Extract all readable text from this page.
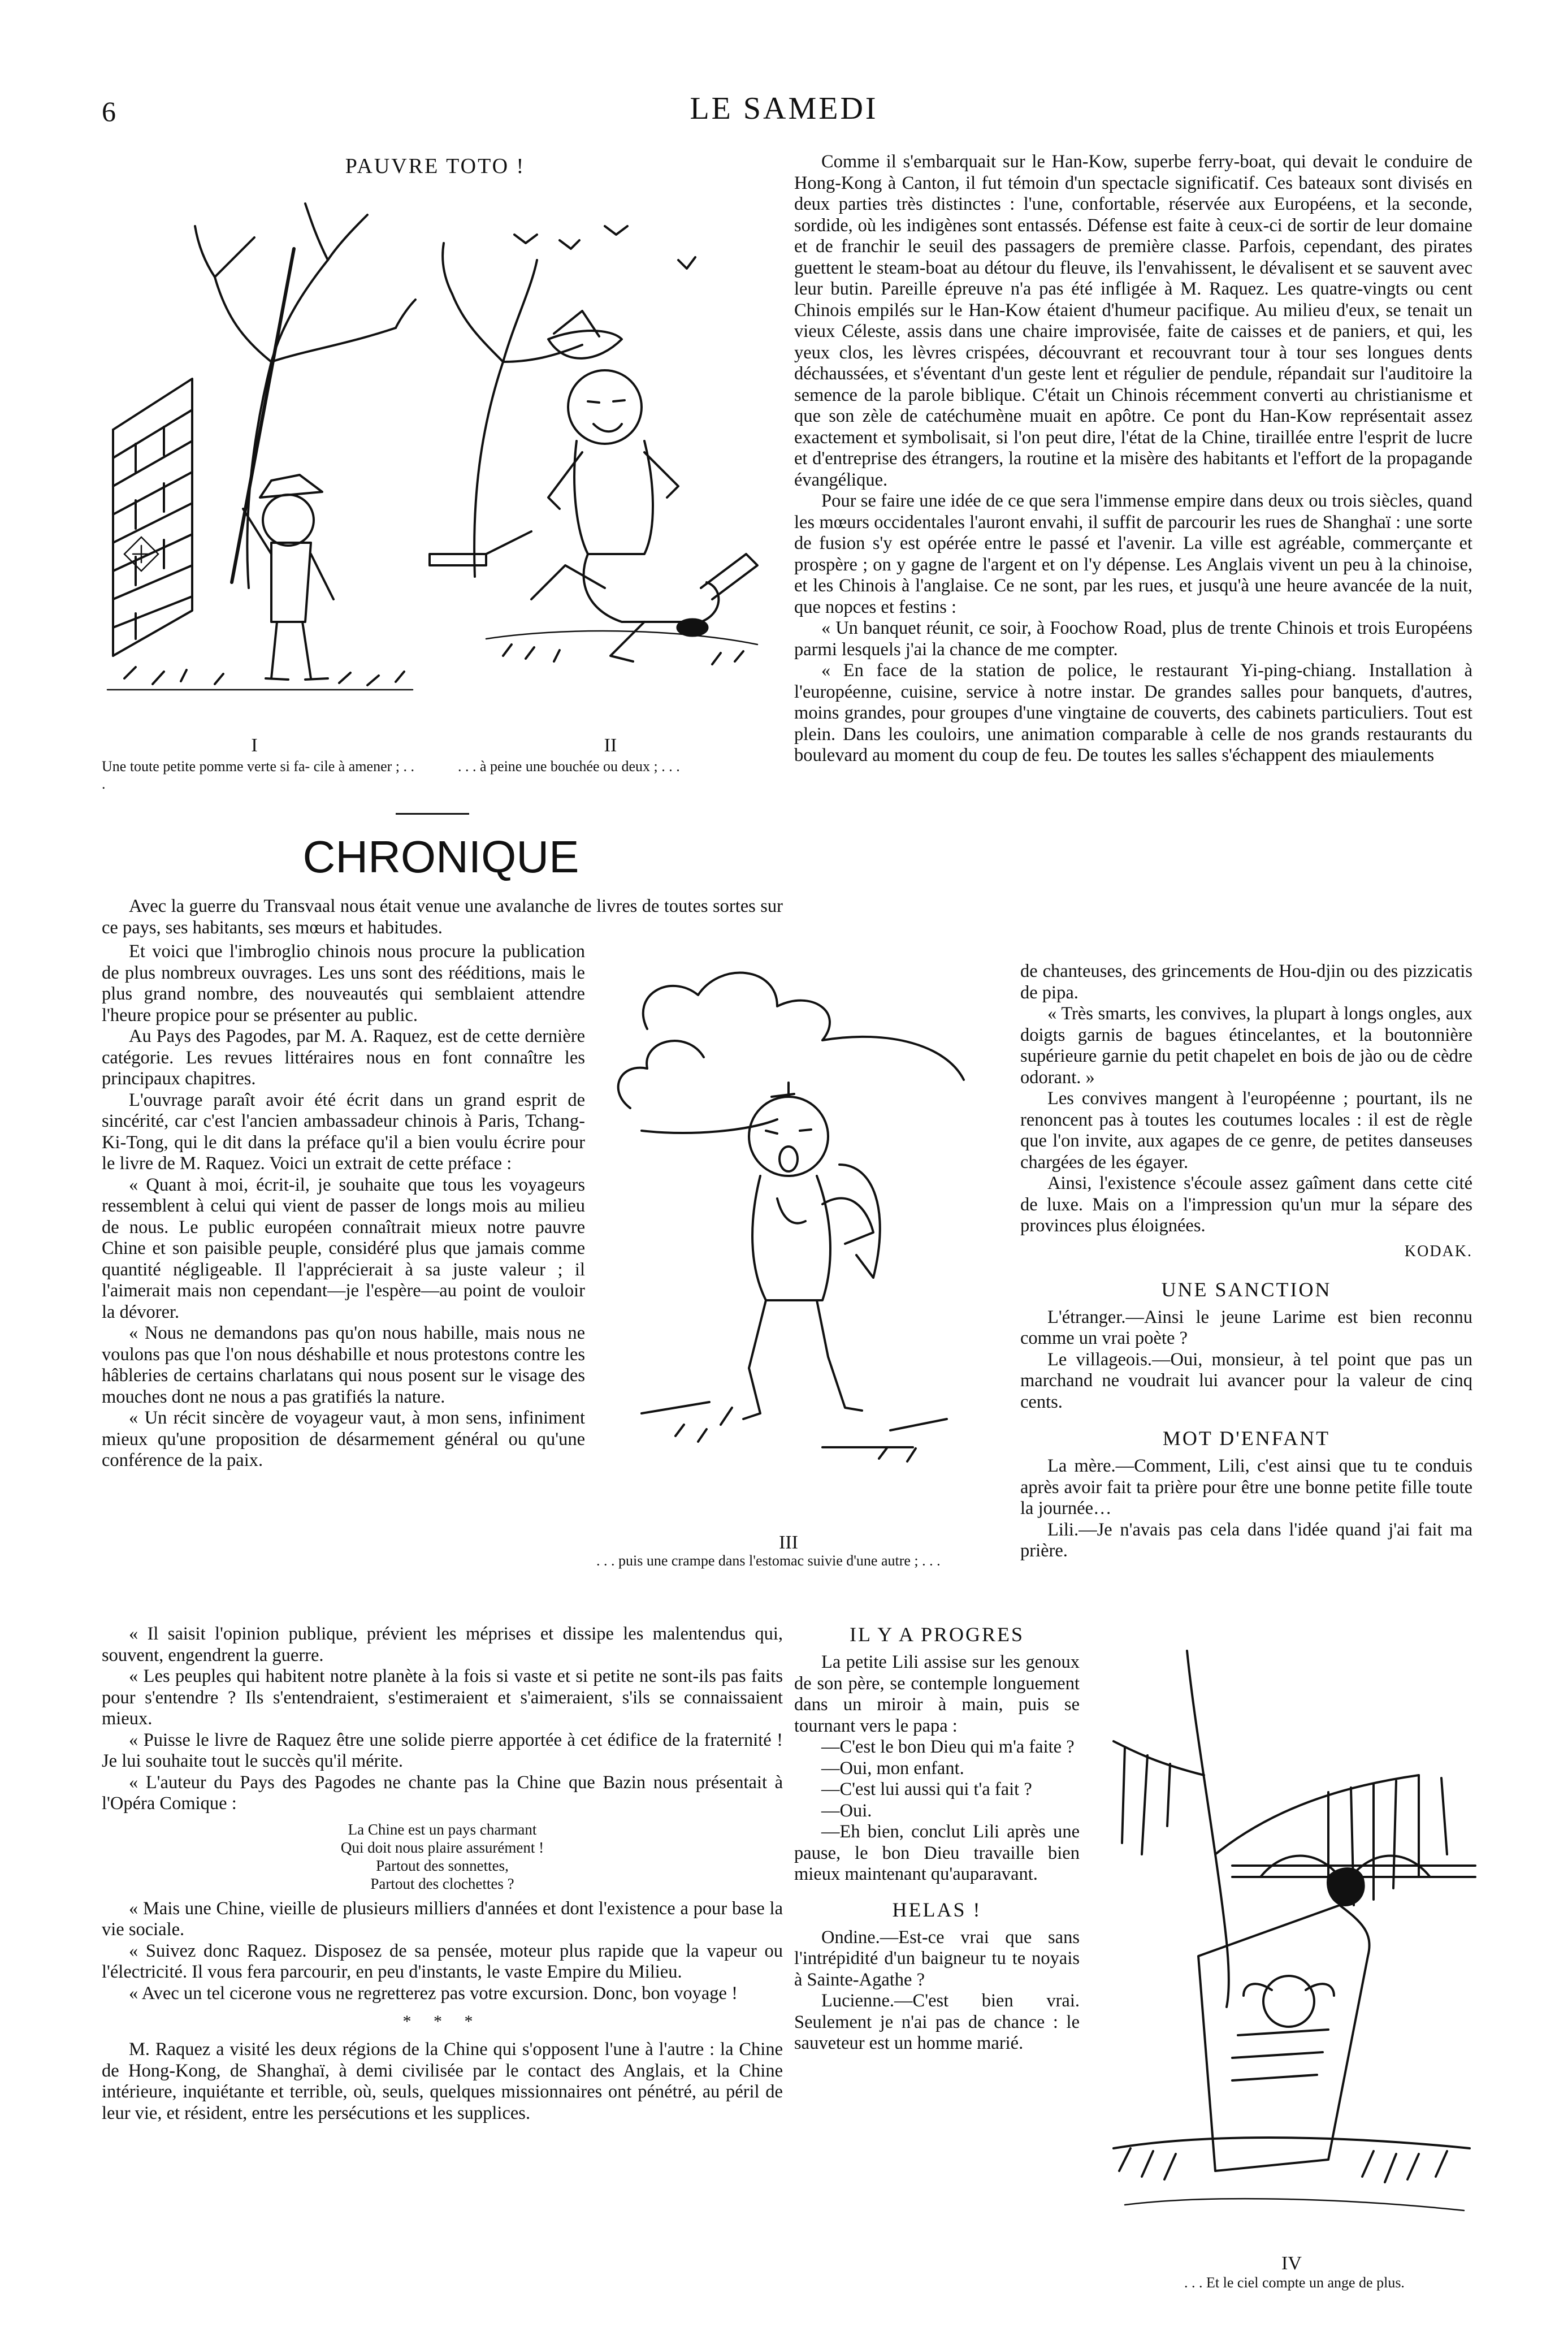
6	LE SAMEDI
PAUVRE TOTO !
I
Une toute petite pomme verte si fa- cile à amener ; . . .
II
. . . à peine une bouchée ou deux ; . . .
CHRONIQUE

Avec la guerre du Transvaal nous était venue une avalanche de livres de toutes sortes sur ce pays, ses habitants, ses mœurs et habitudes.

Et voici que l'imbroglio chinois nous procure la publication de plus nombreux ouvrages. Les uns sont des rééditions, mais le plus grand nombre, des nouveautés qui semblaient attendre l'heure propice pour se présenter au public.

Au Pays des Pagodes, par M. A. Raquez, est de cette dernière catégorie. Les revues littéraires nous en font connaître les principaux chapitres.

L'ouvrage paraît avoir été écrit dans un grand esprit de sincérité, car c'est l'ancien ambassadeur chinois à Paris, Tchang-Ki-Tong, qui le dit dans la préface qu'il a bien voulu écrire pour le livre de M. Raquez. Voici un extrait de cette préface :

« Quant à moi, écrit-il, je souhaite que tous les voyageurs ressemblent à celui qui vient de passer de longs mois au milieu de nous. Le public européen connaîtrait mieux notre pauvre Chine et son paisible peuple, considéré plus que jamais comme quantité négligeable. Il l'apprécierait à sa juste valeur ; il l'aimerait mais non cependant—je l'espère—au point de vouloir la dévorer.

« Nous ne demandons pas qu'on nous habille, mais nous ne voulons pas que l'on nous déshabille et nous protestons contre les hâbleries de certains charlatans qui nous posent sur le visage des mouches dont ne nous a pas gratifiés la nature.

« Un récit sincère de voyageur vaut, à mon sens, infiniment mieux qu'une proposition de désarmement général ou qu'une conférence de la paix.

III
. . . puis une crampe dans l'estomac suivie d'une autre ; . . .

« Il saisit l'opinion publique, prévient les méprises et dissipe les malentendus qui, souvent, engendrent la guerre.

« Les peuples qui habitent notre planète à la fois si vaste et si petite ne sont-ils pas faits pour s'entendre ? Ils s'entendraient, s'estimeraient et s'aimeraient, s'ils se connaissaient mieux.

« Puisse le livre de Raquez être une solide pierre apportée à cet édifice de la fraternité ! Je lui souhaite tout le succès qu'il mérite.

« L'auteur du Pays des Pagodes ne chante pas la Chine que Bazin nous présentait à l'Opéra Comique :

La Chine est un pays charmant
Qui doit nous plaire assurément !
Partout des sonnettes,
Partout des clochettes ?

« Mais une Chine, vieille de plusieurs milliers d'années et dont l'existence a pour base la vie sociale.

« Suivez donc Raquez. Disposez de sa pensée, moteur plus rapide que la vapeur ou l'électricité. Il vous fera parcourir, en peu d'instants, le vaste Empire du Milieu.

« Avec un tel cicerone vous ne regretterez pas votre excursion. Donc, bon voyage !

* * *

M. Raquez a visité les deux régions de la Chine qui s'opposent l'une à l'autre : la Chine de Hong-Kong, de Shanghaï, à demi civilisée par le contact des Anglais, et la Chine intérieure, inquiétante et terrible, où, seuls, quelques missionnaires ont pénétré, au péril de leur vie, et résident, entre les persécutions et les supplices.

Comme il s'embarquait sur le Han-Kow, superbe ferry-boat, qui devait le conduire de Hong-Kong à Canton, il fut témoin d'un spectacle significatif. Ces bateaux sont divisés en deux parties très distinctes : l'une, confortable, réservée aux Européens, et la seconde, sordide, où les indigènes sont entassés. Défense est faite à ceux-ci de sortir de leur domaine et de franchir le seuil des passagers de première classe. Parfois, cependant, des pirates guettent le steam-boat au détour du fleuve, ils l'envahissent, le dévalisent et se sauvent avec leur butin. Pareille épreuve n'a pas été infligée à M. Raquez. Les quatre-vingts ou cent Chinois empilés sur le Han-Kow étaient d'humeur pacifique. Au milieu d'eux, se tenait un vieux Céleste, assis dans une chaire improvisée, faite de caisses et de paniers, et qui, les yeux clos, les lèvres crispées, découvrant et recouvrant tour à tour ses longues dents déchaussées, et s'éventant d'un geste lent et régulier de pendule, répandait sur l'auditoire la semence de la parole biblique. C'était un Chinois récemment converti au christianisme et que son zèle de catéchumène muait en apôtre. Ce pont du Han-Kow représentait assez exactement et symbolisait, si l'on peut dire, l'état de la Chine, tiraillée entre l'esprit de lucre et d'entreprise des étrangers, la routine et la misère des habitants et l'effort de la propagande évangélique.

Pour se faire une idée de ce que sera l'immense empire dans deux ou trois siècles, quand les mœurs occidentales l'auront envahi, il suffit de parcourir les rues de Shanghaï : une sorte de fusion s'y est opérée entre le passé et l'avenir. La ville est agréable, commerçante et prospère ; on y gagne de l'argent et on l'y dépense. Les Anglais vivent un peu à la chinoise, et les Chinois à l'anglaise. Ce ne sont, par les rues, et jusqu'à une heure avancée de la nuit, que nopces et festins :

« Un banquet réunit, ce soir, à Foochow Road, plus de trente Chinois et trois Européens parmi lesquels j'ai la chance de me compter.

« En face de la station de police, le restaurant Yi-ping-chiang. Installation à l'européenne, cuisine, service à notre instar. De grandes salles pour banquets, d'autres, moins grandes, pour groupes d'une vingtaine de couverts, des cabinets particuliers. Tout est plein. Dans les couloirs, une animation comparable à celle de nos grands restaurants du boulevard au moment du coup de feu. De toutes les salles s'échappent des miaulements

de chanteuses, des grincements de Hou-djin ou des pizzicatis de pipa.

« Très smarts, les convives, la plupart à longs ongles, aux doigts garnis de bagues étincelantes, et la boutonnière supérieure garnie du petit chapelet en bois de jào ou de cèdre odorant. »

Les convives mangent à l'européenne ; pourtant, ils ne renoncent pas à toutes les coutumes locales : il est de règle que l'on invite, aux agapes de ce genre, de petites danseuses chargées de les égayer.

Ainsi, l'existence s'écoule assez gaîment dans cette cité de luxe. Mais on a l'impression qu'un mur la sépare des provinces plus éloignées.

KODAK.
UNE SANCTION

L'étranger.—Ainsi le jeune Larime est bien reconnu comme un vrai poète ?

Le villageois.—Oui, monsieur, à tel point que pas un marchand ne voudrait lui avancer pour la valeur de cinq cents.

MOT D'ENFANT

La mère.—Comment, Lili, c'est ainsi que tu te conduis après avoir fait ta prière pour être une bonne petite fille toute la journée…

Lili.—Je n'avais pas cela dans l'idée quand j'ai fait ma prière.

IL Y A PROGRES

La petite Lili assise sur les genoux de son père, se contemple longuement dans un miroir à main, puis se tournant vers le papa :

—C'est le bon Dieu qui m'a faite ?

—Oui, mon enfant.

—C'est lui aussi qui t'a fait ?

—Oui.

—Eh bien, conclut Lili après une pause, le bon Dieu travaille bien mieux maintenant qu'auparavant.

HELAS !

Ondine.—Est-ce vrai que sans l'intrépidité d'un baigneur tu te noyais à Sainte-Agathe ?

Lucienne.—C'est bien vrai. Seulement je n'ai pas de chance : le sauveteur est un homme marié.

IV
. . . Et le ciel compte un ange de plus.
